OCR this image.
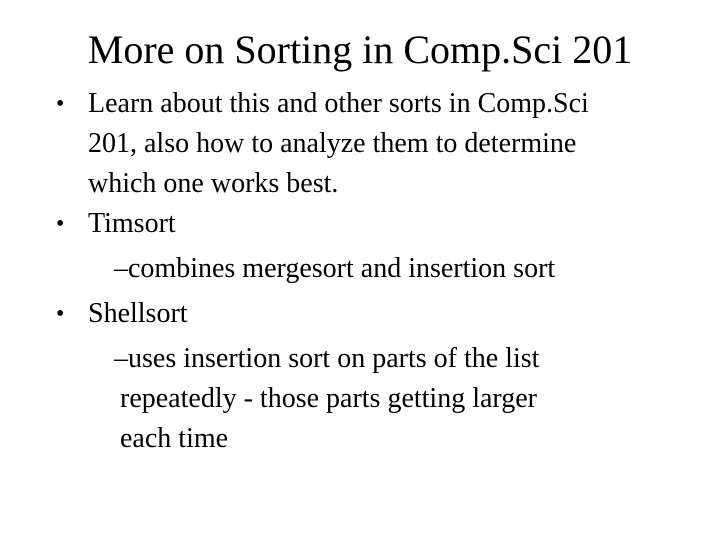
More on Sorting in Comp.Sci 201
• Learn about this and other sorts in Comp.Sci
201, also how to analyze them to determine
which one works best.
• Timsort
–combines mergesort and insertion sort
• Shellsort
–uses insertion sort on parts of the list
repeatedly - those parts getting larger
each time
